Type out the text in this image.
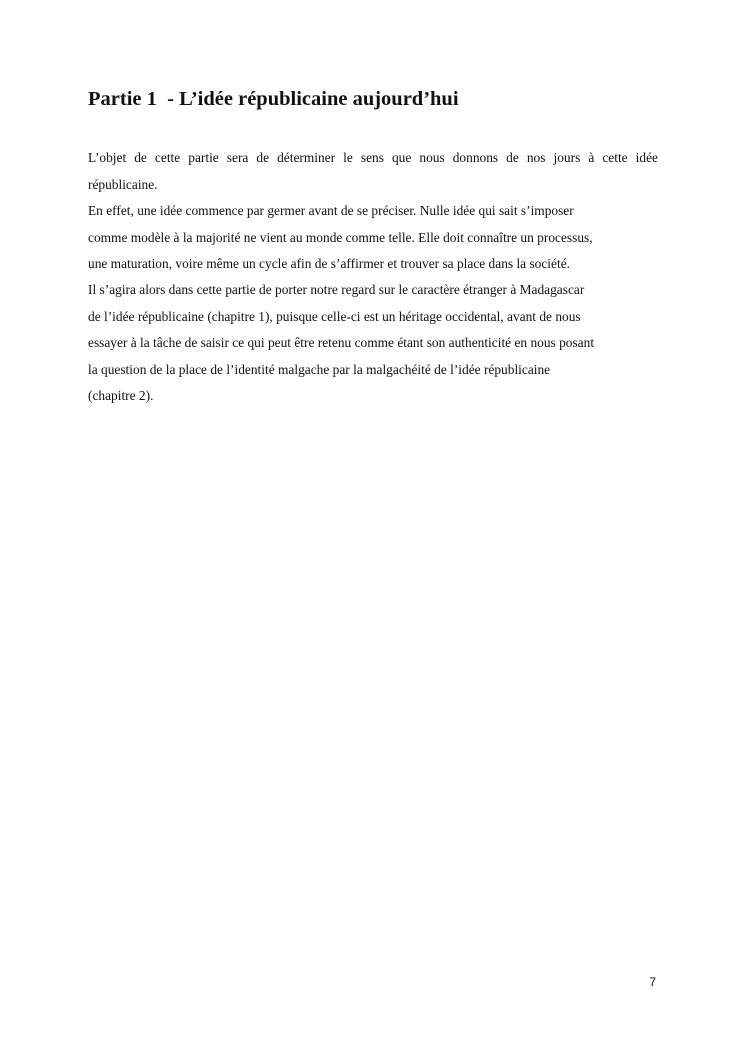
Partie 1  - L’idée républicaine aujourd’hui
L’objet de cette partie sera de déterminer le sens que nous donnons de nos jours à cette idée
républicaine.
En effet, une idée commence par germer avant de se préciser. Nulle idée qui sait s’imposer
comme modèle à la majorité ne vient au monde comme telle. Elle doit connaître un processus,
une maturation, voire même un cycle afin de s’affirmer et trouver sa place dans la société.
Il s’agira alors dans cette partie de porter notre regard sur le caractère étranger à Madagascar
de l’idée républicaine (chapitre 1), puisque celle-ci est un héritage occidental, avant de nous
essayer à la tâche de saisir ce qui peut être retenu comme étant son authenticité en nous posant
la question de la place de l’identité malgache par la malgachéité de l’idée républicaine
(chapitre 2).
7
